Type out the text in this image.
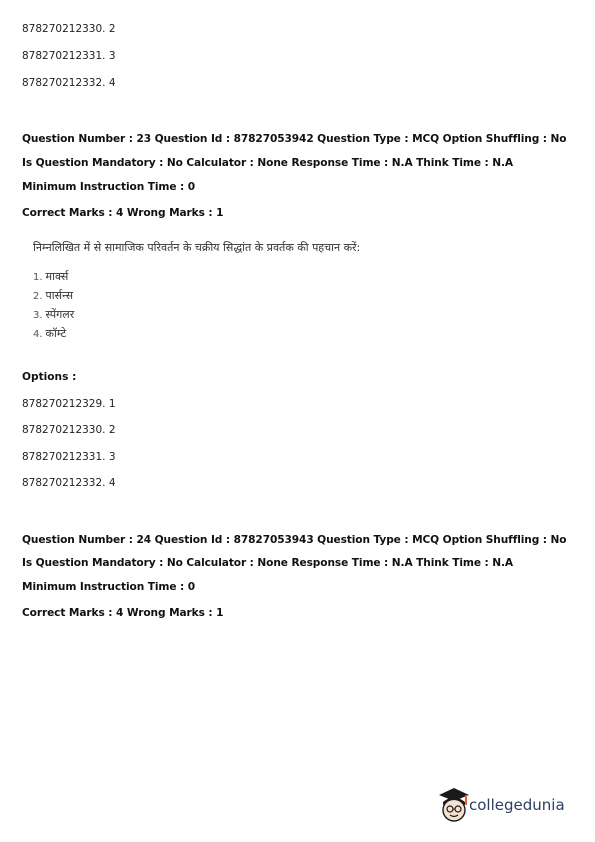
878270212330. 2
878270212331. 3
878270212332. 4
Question Number : 23 Question Id : 87827053942 Question Type : MCQ Option Shuffling : No
Is Question Mandatory : No Calculator : None Response Time : N.A Think Time : N.A
Minimum Instruction Time : 0
Correct Marks : 4 Wrong Marks : 1
निम्नलिखित में से सामाजिक परिवर्तन के चक्रीय सिद्धांत के प्रवर्तक की पहचान करें:
1. मार्क्स
2. पार्सन्स
3. स्पेंगलर
4. कॉम्टे
Options :
878270212329. 1
878270212330. 2
878270212331. 3
878270212332. 4
Question Number : 24 Question Id : 87827053943 Question Type : MCQ Option Shuffling : No
Is Question Mandatory : No Calculator : None Response Time : N.A Think Time : N.A
Minimum Instruction Time : 0
Correct Marks : 4 Wrong Marks : 1
collegedunia
